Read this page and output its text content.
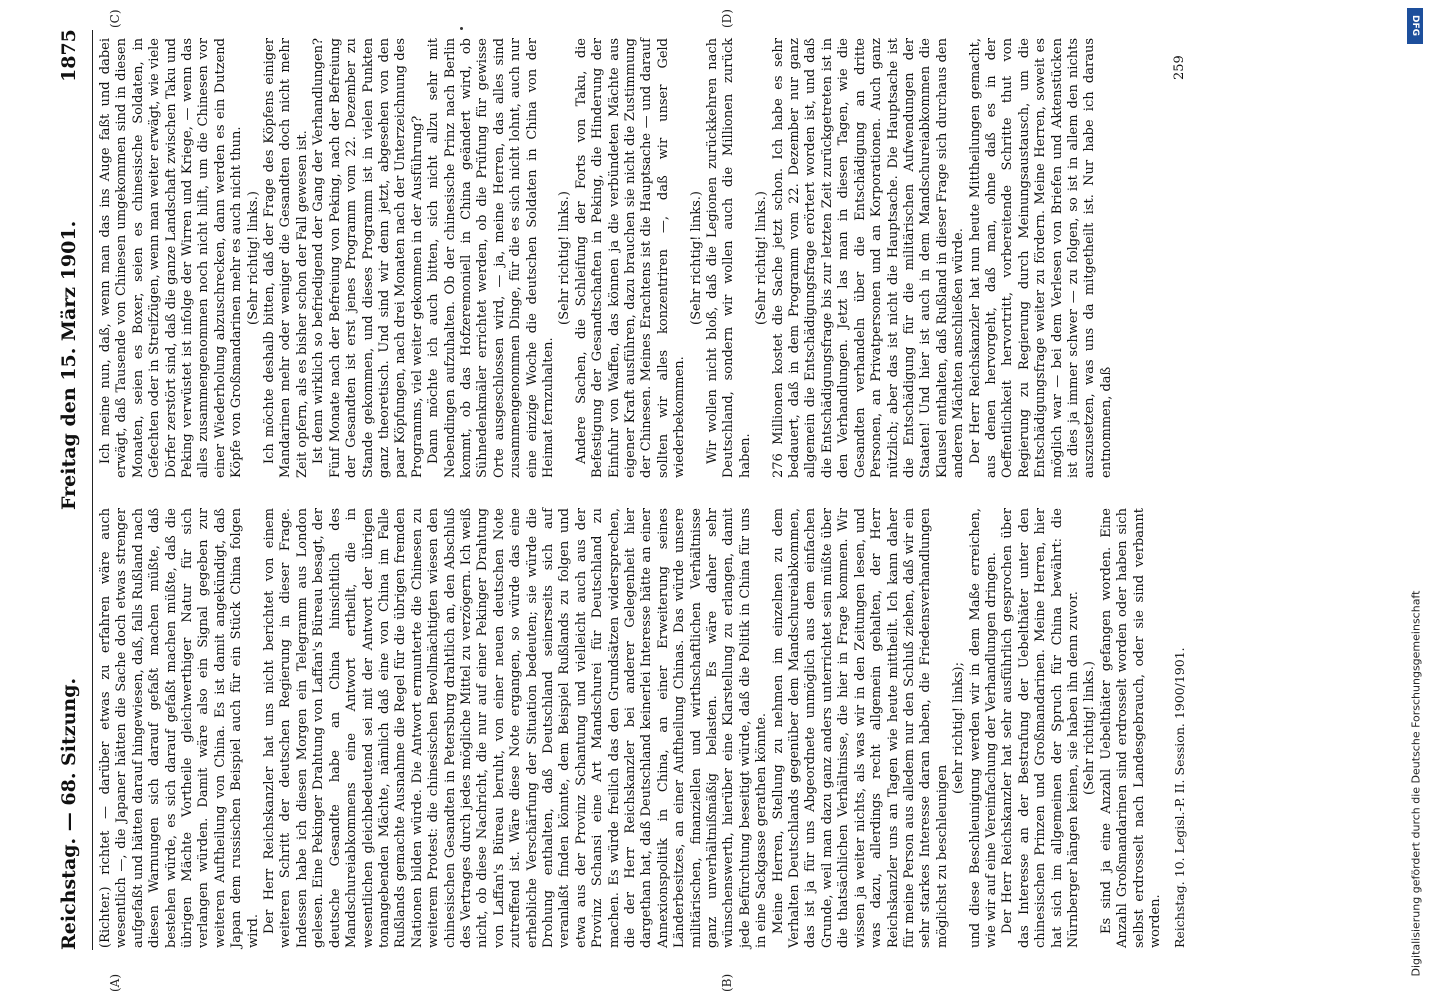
Reichstag. — 68. Sitzung.
Freitag den 15. März 1901.
1875
(A)	(B)
(C)	(D)

(Richter.) richtet — darüber etwas zu erfahren wäre auch wesentlich —, die Japaner hätten die Sache doch etwas strenger aufgefaßt und hätten darauf hingewiesen, daß, falls Rußland nach diesen Warnungen sich darauf gefaßt machen müßte, daß bestehen würde, es sich darauf gefaßt machen müßte, daß die übrigen Mächte Vortheile gleichwerthiger Natur für sich verlangen würden. Damit wäre also ein Signal gegeben zur weiteren Auftheilung von China. Es ist damit angekündigt, daß Japan dem russischen Beispiel auch für ein Stück China folgen wird. Der Herr Reichskanzler hat uns nicht berichtet von einem weiteren Schritt der deutschen Regierung in dieser Frage. Indessen habe ich diesen Morgen ein Telegramm aus London gelesen. Eine Pekinger Drahtung von Laffan's Büreau besagt, der deutsche Gesandte habe an China hinsichtlich des Mandschureiabkommens eine Antwort ertheilt, die in wesentlichen gleichbedeutend sei mit der Antwort der übrigen tonangebenden Mächte, nämlich daß eine von China im Falle Rußlands gemachte Ausnahme die Regel für die übrigen fremden Nationen bilden würde. Die Antwort ermunterte die Chinesen zu weiterem Protest: die chinesischen Bevollmächtigten wiesen den chinesischen Gesandten in Petersburg drahtlich an, den Abschluß des Vertrages durch jedes mögliche Mittel zu verzögern. Ich weiß nicht, ob diese Nachricht, die nur auf einer Pekinger Drahtung von Laffan's Büreau beruht, von einer neuen deutschen Note zutreffend ist. Wäre diese Note ergangen, so würde das eine erhebliche Verschärfung der Situation bedeuten; sie würde die Drohung enthalten, daß Deutschland seinerseits sich auf veranlaßt finden könnte, dem Beispiel Rußlands zu folgen und etwa aus der Provinz Schantung und vielleicht auch aus der Provinz Schansi eine Art Mandschurei für Deutschland zu machen. Es würde freilich das den Grundsätzen widersprechen, die der Herr Reichskanzler bei anderer Gelegenheit hier dargethan hat, daß Deutschland keinerlei Interesse hätte an einer Annexionspolitik in China, an einer Erweiterung seines Länderbesitzes, an einer Auftheilung Chinas. Das würde unsere militärischen, finanziellen und wirthschaftlichen Verhältnisse ganz unverhältnißmäßig belasten. Es wäre daher sehr wünschenswerth, hierüber eine Klarstellung zu erlangen, damit jede Befürchtung beseitigt würde, daß die Politik in China für uns in eine Sackgasse gerathen könnte. Meine Herren, Stellung zu nehmen im einzelnen zu dem Verhalten Deutschlands gegenüber dem Mandschureiabkommen, das ist ja für uns Abgeordnete unmöglich aus dem einfachen Grunde, weil man dazu ganz anders unterrichtet sein müßte über die thatsächlichen Verhältnisse, die hier in Frage kommen. Wir wissen ja weiter nichts, als was wir in den Zeitungen lesen, und was dazu, allerdings recht allgemein gehalten, der Herr Reichskanzler uns an Tagen wie heute mittheilt. Ich kann daher für meine Person aus alledem nur den Schluß ziehen, daß wir ein sehr starkes Interesse daran haben, die Friedensverhandlungen möglichst zu beschleunigen

(sehr richtig! links); und diese Beschleunigung werden wir in dem Maße erreichen, wie wir auf eine Vereinfachung der Verhandlungen dringen. Der Herr Reichskanzler hat sehr ausführlich gesprochen über das Interesse an der Bestrafung der Uebelthäter unter den chinesischen Prinzen und Großmandarinen. Meine Herren, hier hat sich im allgemeinen der Spruch für China bewährt: die Nürnberger hängen keinen, sie haben ihn denn zuvor. (Sehr richtig! links.) Es sind ja eine Anzahl Uebelthäter gefangen worden. Eine Anzahl Großmandarinen sind erdrosselt worden oder haben sich selbst erdrosselt nach Landesgebrauch, oder sie sind verbannt worden.

Ich meine nun, daß, wenn man das ins Auge faßt und dabei erwägt, daß Tausende von Chinesen umgekommen sind in diesen Monaten, seien es Boxer, seien es chinesische Soldaten, in Gefechten oder in Streifzügen, wenn man weiter erwägt, wie viele Dörfer zerstört sind, daß die ganze Landschaft zwischen Taku und Peking verwüstet ist infolge der Wirren und Kriege, — wenn das alles zusammengenommen noch nicht hilft, um die Chinesen vor einer Wiederholung abzuschrecken, dann werden es ein Dutzend Köpfe von Großmandarinen mehr es auch nicht thun. (Sehr richtig! links.) Ich möchte deshalb bitten, daß der Frage des Köpfens einiger Mandarinen mehr oder weniger die Gesandten doch nicht mehr Zeit opfern, als es bisher schon der Fall gewesen ist. Ist denn wirklich so befriedigend der Gang der Verhandlungen? Fünf Monate nach der Befreiung von Peking, nach der Befreiung der Gesandten ist erst jenes Programm vom 22. Dezember zu Stande gekommen, und dieses Programm ist in vielen Punkten ganz theoretisch. Und sind wir denn jetzt, abgesehen von den paar Köpfungen, nach drei Monaten nach der Unterzeichnung des Programms, viel weiter gekommen in der Ausführung? Dann möchte ich auch bitten, sich nicht allzu sehr mit Nebendingen aufzuhalten. Ob der chinesische Prinz nach Berlin kommt, ob das Hofzeremoniell in China geändert wird, ob Sühnedenkmäler errichtet werden, ob die Prüfung für gewisse Orte ausgeschlossen wird, — ja, meine Herren, das alles sind zusammengenommen Dinge, für die es sich nicht lohnt, auch nur eine einzige Woche die deutschen Soldaten in China von der Heimat fernzuhalten.

(Sehr richtig! links.) Andere Sachen, die Schleifung der Forts von Taku, die Befestigung der Gesandtschaften in Peking, die Hinderung der Einfuhr von Waffen, das können ja die verbündeten Mächte aus eigener Kraft ausführen, dazu brauchen sie nicht die Zustimmung der Chinesen. Meines Erachtens ist die Hauptsache — und darauf sollten wir alles konzentriren —, daß wir unser Geld wiederbekommen.

(Sehr richtig! links.) Wir wollen nicht bloß, daß die Legionen zurückkehren nach Deutschland, sondern wir wollen auch die Millionen zurück haben.

(Sehr richtig! links.) 276 Millionen kostet die Sache jetzt schon. Ich habe es sehr bedauert, daß in dem Programm vom 22. Dezember nur ganz allgemein die Entschädigungsfrage erörtert worden ist, und daß die Entschädigungsfrage bis zur letzten Zeit zurückgetreten ist in den Verhandlungen. Jetzt las man in diesen Tagen, wie die Gesandten verhandeln über die Entschädigung an dritte Personen, an Privatpersonen und an Korporationen. Auch ganz nützlich; aber das ist nicht die Hauptsache. Die Hauptsache ist die Entschädigung für die militärischen Aufwendungen der Staaten! Und hier ist auch in dem Mandschureiabkommen die Klausel enthalten, daß Rußland in dieser Frage sich durchaus den anderen Mächten anschließen würde. Der Herr Reichskanzler hat nun heute Mittheilungen gemacht, aus denen hervorgeht, daß man, ohne daß es in der Oeffentlichkeit hervortritt, vorbereitende Schritte thut von Regierung zu Regierung durch Meinungsaustausch, um die Entschädigungsfrage weiter zu fördern. Meine Herren, soweit es möglich war — bei dem Verlesen von Briefen und Aktenstücken ist dies ja immer schwer — zu folgen, so ist in allem den nichts auszusetzen, was uns da mitgetheilt ist. Nur habe ich daraus entnommen, daß

Reichstag. 10. Legisl.-P. II. Session. 1900/1901.
259
DFG
Digitalisierung gefördert durch die Deutsche Forschungsgemeinschaft
